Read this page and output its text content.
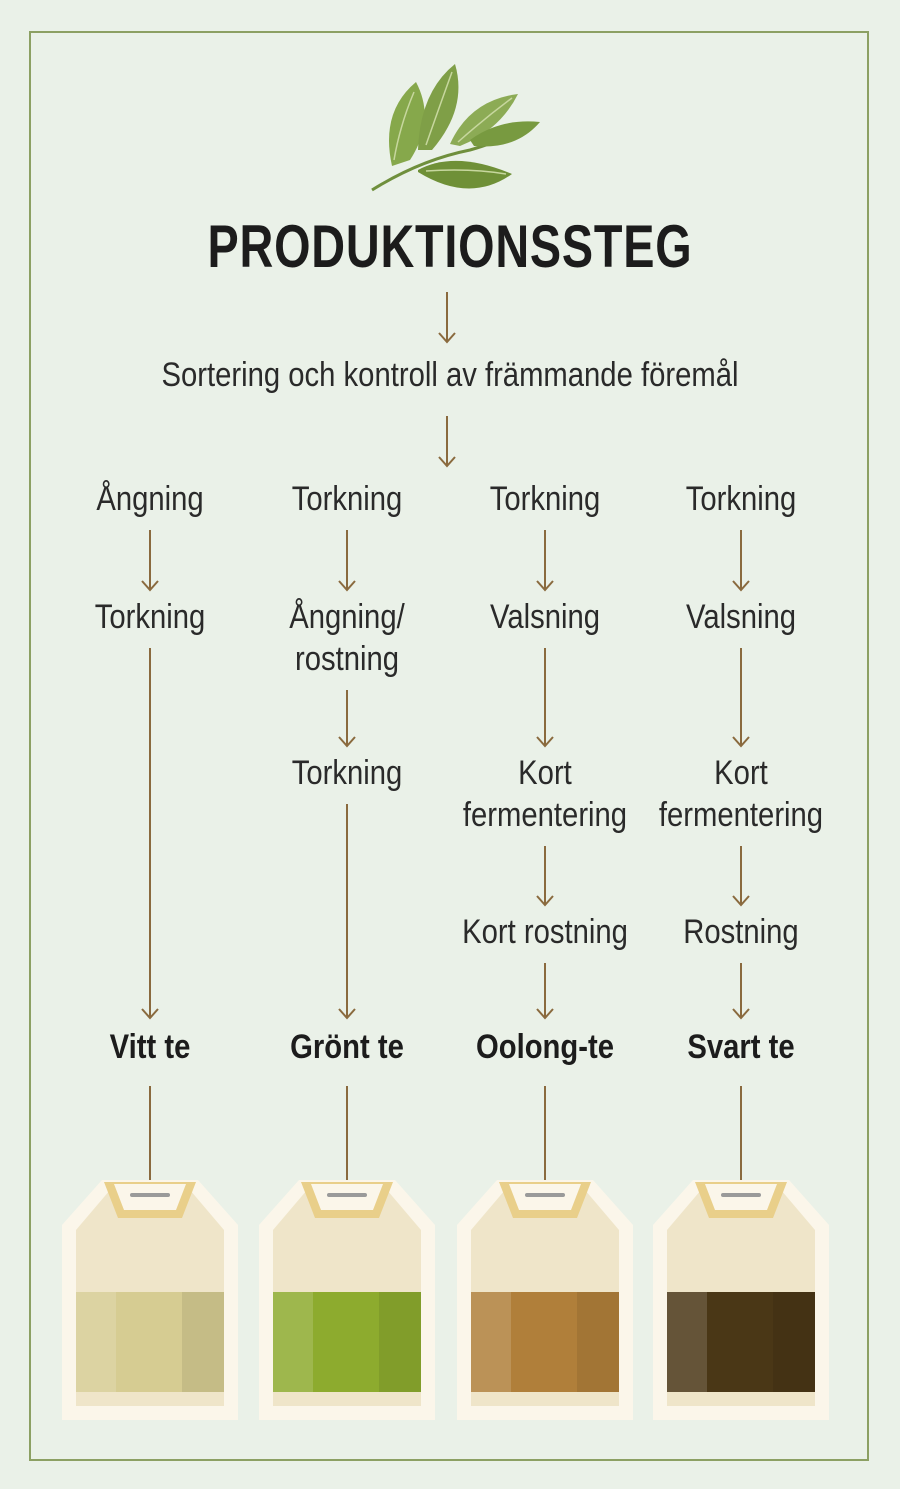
PRODUKTIONSSTEG
Sortering och kontroll av främmande föremål
Ångning
Torkning
Vitt te
Torkning
Ångning/
rostning
Torkning
Grönt te
Torkning
Valsning
Kort
fermentering
Kort rostning
Oolong-te
Torkning
Valsning
Kort
fermentering
Rostning
Svart te
